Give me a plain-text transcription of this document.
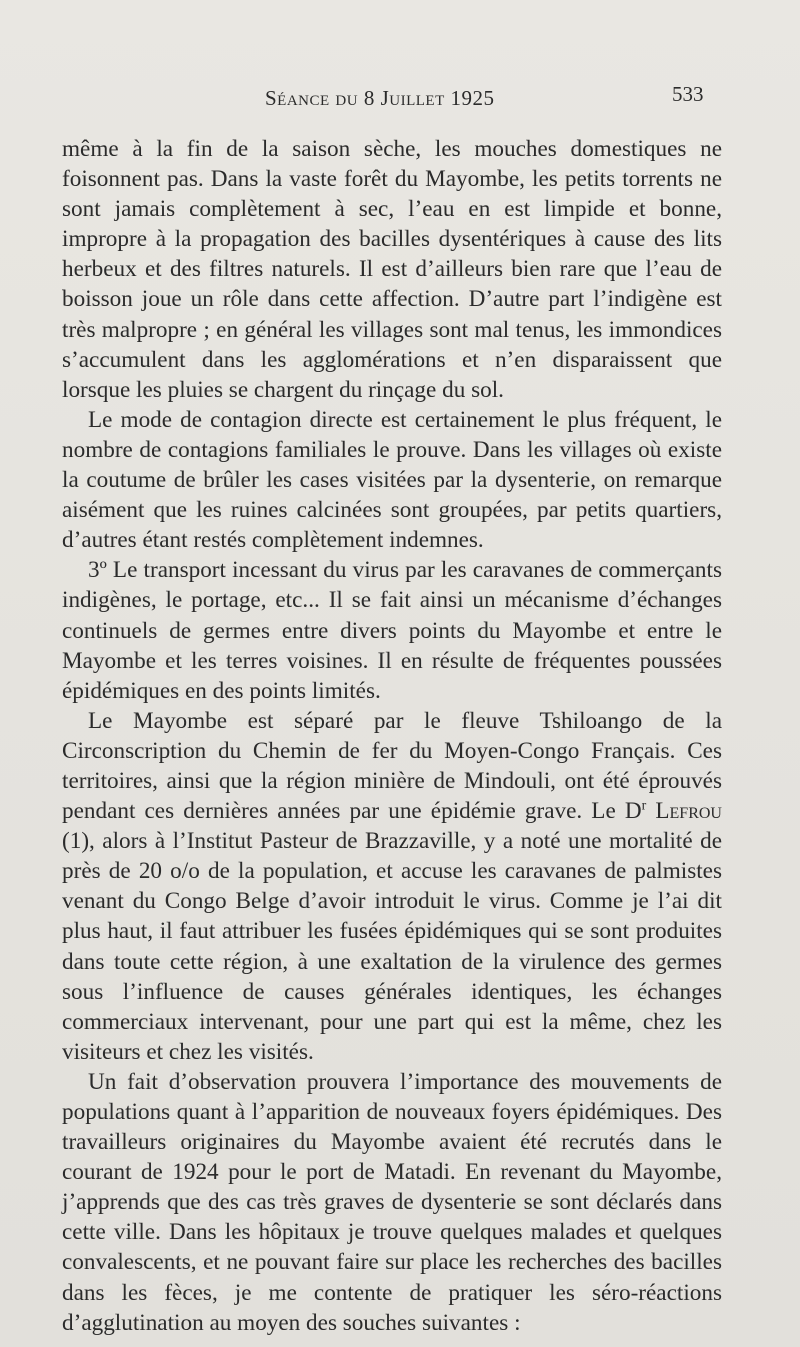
Séance du 8 Juillet 1925	533

même à la fin de la saison sèche, les mouches domestiques ne foisonnent pas. Dans la vaste forêt du Mayombe, les petits torrents ne sont jamais complètement à sec, l’eau en est limpide et bonne, impropre à la propagation des bacilles dysentériques à cause des lits herbeux et des filtres naturels. Il est d’ailleurs bien rare que l’eau de boisson joue un rôle dans cette affection. D’autre part l’indigène est très malpropre ; en général les villages sont mal tenus, les immondices s’accumulent dans les agglomérations et n’en disparaissent que lorsque les pluies se chargent du rinçage du sol.

Le mode de contagion directe est certainement le plus fréquent, le nombre de contagions familiales le prouve. Dans les villages où existe la coutume de brûler les cases visitées par la dysenterie, on remarque aisément que les ruines calcinées sont groupées, par petits quartiers, d’autres étant restés complètement indemnes.

3º Le transport incessant du virus par les caravanes de commerçants indigènes, le portage, etc... Il se fait ainsi un mécanisme d’échanges continuels de germes entre divers points du Mayombe et entre le Mayombe et les terres voisines. Il en résulte de fréquentes poussées épidémiques en des points limités.

Le Mayombe est séparé par le fleuve Tshiloango de la Circonscription du Chemin de fer du Moyen-Congo Français. Ces territoires, ainsi que la région minière de Mindouli, ont été éprouvés pendant ces dernières années par une épidémie grave. Le $D^r$ Lefrou (1), alors à l’Institut Pasteur de Brazzaville, y a noté une mortalité de près de 20 o/o de la population, et accuse les caravanes de palmistes venant du Congo Belge d’avoir introduit le virus. Comme je l’ai dit plus haut, il faut attribuer les fusées épidémiques qui se sont produites dans toute cette région, à une exaltation de la virulence des germes sous l’influence de causes générales identiques, les échanges commerciaux intervenant, pour une part qui est la même, chez les visiteurs et chez les visités.

Un fait d’observation prouvera l’importance des mouvements de populations quant à l’apparition de nouveaux foyers épidémiques. Des travailleurs originaires du Mayombe avaient été recrutés dans le courant de 1924 pour le port de Matadi. En revenant du Mayombe, j’apprends que des cas très graves de dysenterie se sont déclarés dans cette ville. Dans les hôpitaux je trouve quelques malades et quelques convalescents, et ne pouvant faire sur place les recherches des bacilles dans les fèces, je me contente de pratiquer les séro-réactions d’agglutination au moyen des souches suivantes :
